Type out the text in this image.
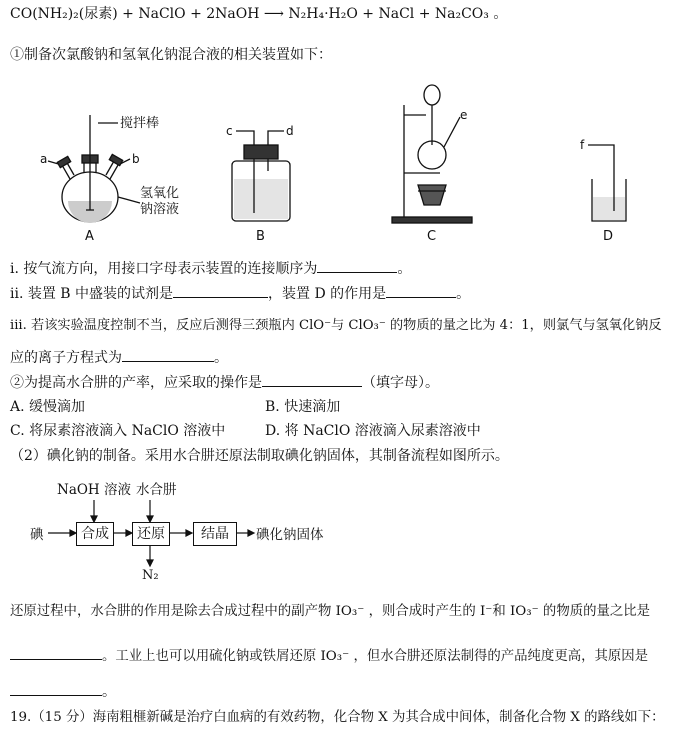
CO(NH₂)₂(尿素) + NaClO + 2NaOH ⟶ N₂H₄·H₂O + NaCl + Na₂CO₃ 。
①制备次氯酸钠和氢氧化钠混合液的相关装置如下：
搅拌棒
a	b
氢氧化
钠溶液
A
c	d
B
e
C
f
D
i. 按气流方向，用接口字母表示装置的连接顺序为	。
ii. 装置 B 中盛装的试剂是	，装置 D 的作用是	。
iii. 若该实验温度控制不当，反应后测得三颈瓶内 ClO⁻与 ClO₃⁻ 的物质的量之比为 4：1，则氯气与氢氧化钠反
应的离子方程式为	。
②为提高水合肼的产率，应采取的操作是	（填字母）。
A. 缓慢滴加	B. 快速滴加
C. 将尿素溶液滴入 NaClO 溶液中	D. 将 NaClO 溶液滴入尿素溶液中
（2）碘化钠的制备。采用水合肼还原法制取碘化钠固体，其制备流程如图所示。
NaOH 溶液 水合肼
碘	合成	还原	结晶	碘化钠固体
N₂
还原过程中，水合肼的作用是除去合成过程中的副产物 IO₃⁻ ，则合成时产生的 I⁻和 IO₃⁻ 的物质的量之比是
。工业上也可以用硫化钠或铁屑还原 IO₃⁻ ，但水合肼还原法制得的产品纯度更高，其原因是
。
19.（15 分）海南粗榧新碱是治疗白血病的有效药物，化合物 X 为其合成中间体，制备化合物 X 的路线如下：
